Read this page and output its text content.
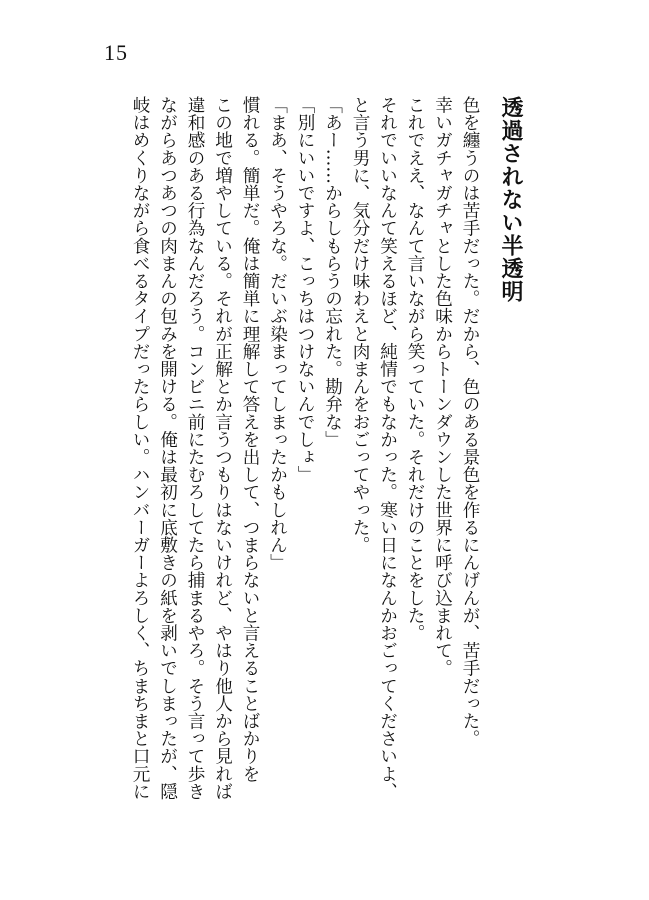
15
透過されない半透明
色を纏うのは苦手だった。だから、色のある景色を作るにんげんが、苦手だった。
幸いガチャガチャとした色味からトーンダウンした世界に呼び込まれて。
これでええ、なんて言いながら笑っていた。それだけのことをした。
それでいいなんて笑えるほど、純情でもなかった。寒い日になんかおごってくださいよ、
と言う男に、気分だけ味わえと肉まんをおごってやった。
「あー……からしもらうの忘れた。勘弁な」
「別にいいですよ、こっちはつけないんでしょ」
「まあ、そうやろな。だいぶ染まってしまったかもしれん」
慣れる。簡単だ。俺は簡単に理解して答えを出して、つまらないと言えることばかりを
この地で増やしている。それが正解とか言うつもりはないけれど、やはり他人から見れば
違和感のある行為なんだろう。コンビニ前にたむろしてたら捕まるやろ。そう言って歩き
ながらあつあつの肉まんの包みを開ける。俺は最初に底敷きの紙を剥いでしまったが、隠
岐はめくりながら食べるタイプだったらしい。ハンバーガーよろしく、ちまちまと口元に
